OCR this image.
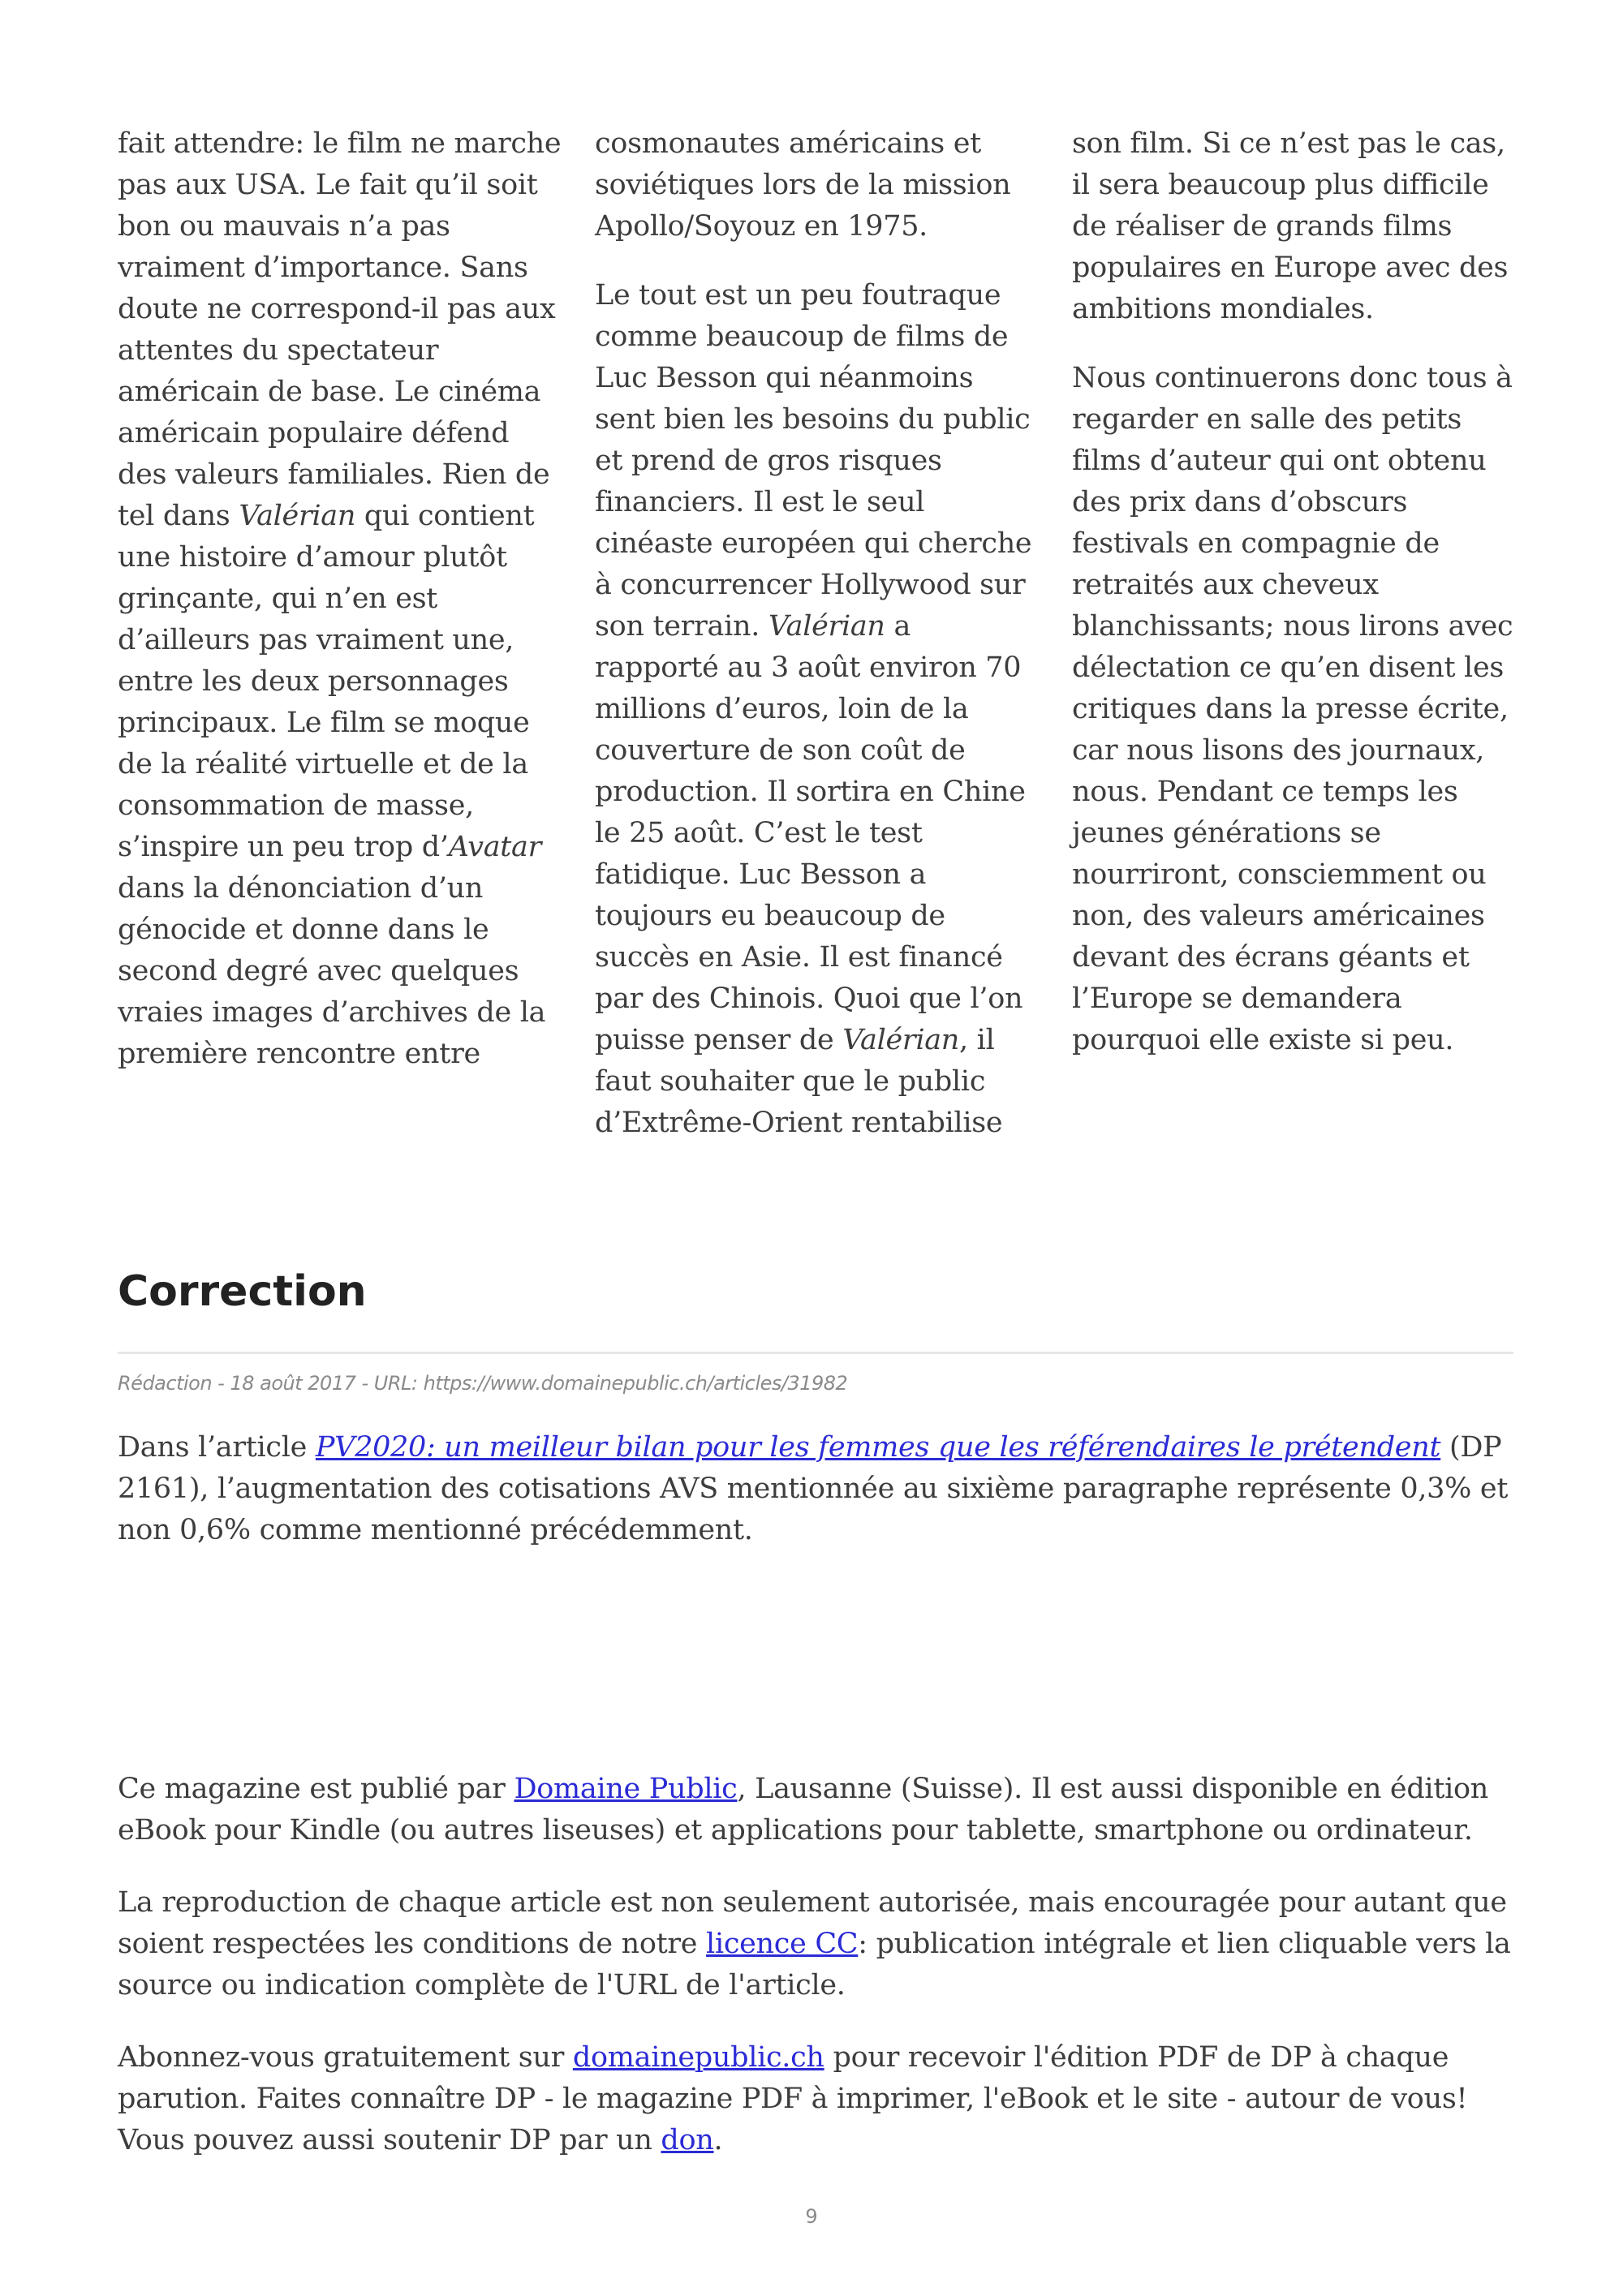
fait attendre: le film ne marche pas aux USA. Le fait qu’il soit bon ou mauvais n’a pas vraiment d’importance. Sans doute ne correspond-il pas aux attentes du spectateur américain de base. Le cinéma américain populaire défend des valeurs familiales. Rien de tel dans Valérian qui contient une histoire d’amour plutôt grinçante, qui n’en est d’ailleurs pas vraiment une, entre les deux personnages principaux. Le film se moque de la réalité virtuelle et de la consommation de masse, s’inspire un peu trop d’Avatar dans la dénonciation d’un génocide et donne dans le second degré avec quelques vraies images d’archives de la première rencontre entre

cosmonautes américains et soviétiques lors de la mission Apollo/Soyouz en 1975.

Le tout est un peu foutraque comme beaucoup de films de Luc Besson qui néanmoins sent bien les besoins du public et prend de gros risques financiers. Il est le seul cinéaste européen qui cherche à concurrencer Hollywood sur son terrain. Valérian a rapporté au 3 août environ 70 millions d’euros, loin de la couverture de son coût de production. Il sortira en Chine le 25 août. C’est le test fatidique. Luc Besson a toujours eu beaucoup de succès en Asie. Il est financé par des Chinois. Quoi que l’on puisse penser de Valérian, il faut souhaiter que le public d’Extrême-Orient rentabilise

son film. Si ce n’est pas le cas, il sera beaucoup plus difficile de réaliser de grands films populaires en Europe avec des ambitions mondiales.

Nous continuerons donc tous à regarder en salle des petits films d’auteur qui ont obtenu des prix dans d’obscurs festivals en compagnie de retraités aux cheveux blanchissants; nous lirons avec délectation ce qu’en disent les critiques dans la presse écrite, car nous lisons des journaux, nous. Pendant ce temps les jeunes générations se nourriront, consciemment ou non, des valeurs américaines devant des écrans géants et l’Europe se demandera pourquoi elle existe si peu.

Correction
Rédaction - 18 août 2017 - URL: https://www.domainepublic.ch/articles/31982
Dans l’article PV2020: un meilleur bilan pour les femmes que les référendaires le prétendent (DP 2161), l’augmentation des cotisations AVS mentionnée au sixième paragraphe représente 0,3% et non 0,6% comme mentionné précédemment.

Ce magazine est publié par Domaine Public, Lausanne (Suisse). Il est aussi disponible en édition eBook pour Kindle (ou autres liseuses) et applications pour tablette, smartphone ou ordinateur.

La reproduction de chaque article est non seulement autorisée, mais encouragée pour autant que soient respectées les conditions de notre licence CC: publication intégrale et lien cliquable vers la source ou indication complète de l'URL de l'article.

Abonnez-vous gratuitement sur domainepublic.ch pour recevoir l'édition PDF de DP à chaque parution. Faites connaître DP - le magazine PDF à imprimer, l'eBook et le site - autour de vous! Vous pouvez aussi soutenir DP par un don.

9
